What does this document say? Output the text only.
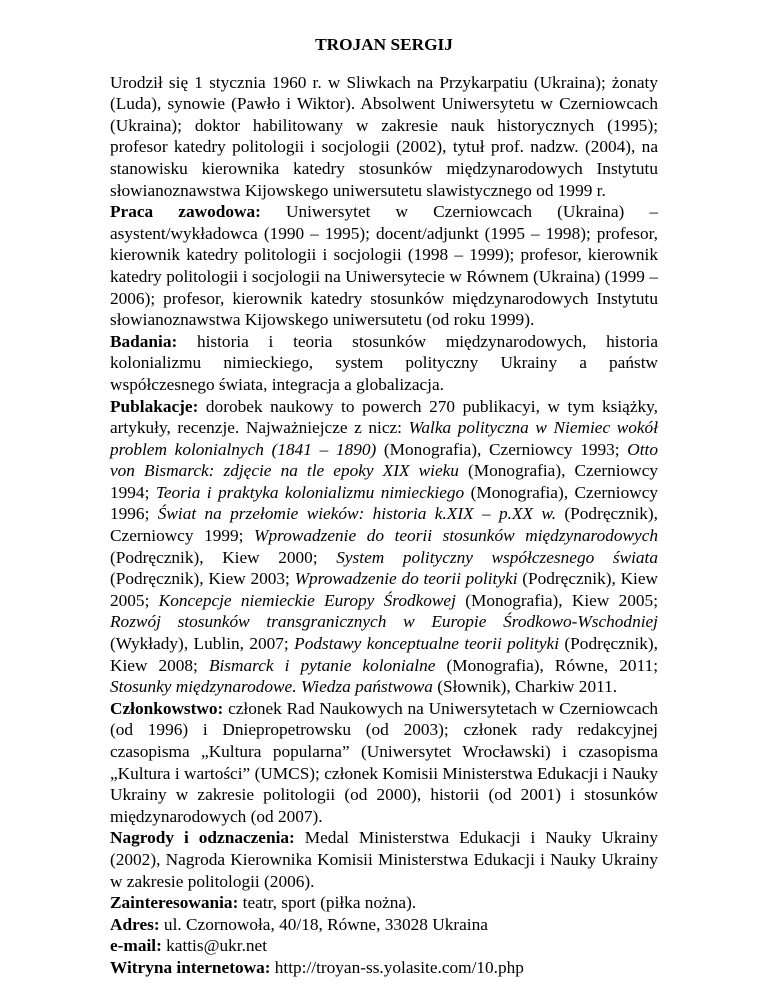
TROJAN SERGIJ

Urodził się 1 stycznia 1960 r. w Sliwkach na Przykarpatiu (Ukraina); żonaty (Luda), synowie (Pawło i Wiktor). Absolwent Uniwersytetu w Czerniowcach (Ukraina); doktor habilitowany w zakresie nauk historycznych (1995); profesor katedry politologii i socjologii (2002), tytuł prof. nadzw. (2004), na stanowisku kierownika katedry stosunków międzynarodowych Instytutu słowianoznawstwa Kijowskego uniwersutetu slawistycznego od 1999 r.

Praca zawodowa: Uniwersytet w Czerniowcach (Ukraina) – asystent/wykładowca (1990 – 1995); docent/adjunkt (1995 – 1998); profesor, kierownik katedry politologii i socjologii (1998 – 1999); profesor, kierownik katedry politologii i socjologii na Uniwersytecie w Równem (Ukraina) (1999 – 2006); profesor, kierownik katedry stosunków międzynarodowych Instytutu słowianoznawstwa Kijowskego uniwersutetu (od roku 1999).

Badania: historia i teoria stosunków międzynarodowych, historia kolonializmu nimieckiego, system polityczny Ukrainy a państw współczesnego świata, integracja a globalizacja.

Publakacje: dorobek naukowy to powerch 270 publikacyi, w tym książky, artykuły, recenzje. Najważniejcze z nicz: Walka polityczna w Niemiec wokół problem kolonialnych (1841 – 1890) (Monografia), Czerniowcy 1993; Otto von Bismarck: zdjęcie na tle epoky XIX wieku (Monografia), Czerniowcy 1994; Teoria i praktyka kolonializmu nimieckiego (Monografia), Czerniowcy 1996; Świat na przełomie wieków: historia k.XIX – p.XX w. (Podręcznik), Czerniowcy 1999; Wprowadzenie do teorii stosunków międzynarodowych (Podręcznik), Kiew 2000; System polityczny współczesnego świata (Podręcznik), Kiew 2003; Wprowadzenie do teorii polityki (Podręcznik), Kiew 2005; Koncepcje niemieckie Europy Środkowej (Monografia), Kiew 2005; Rozwój stosunków transgranicznych w Europie Środkowo-Wschodniej (Wykłady), Lublin, 2007; Podstawy konceptualne teorii polityki (Podręcznik), Kiew 2008; Bismarck i pytanie kolonialne (Monografia), Równe, 2011; Stosunky międzynarodowe. Wiedza państwowa (Słownik), Charkiw 2011.

Członkowstwo: członek Rad Naukowych na Uniwersytetach w Czerniowcach (od 1996) i Dniepropetrowsku (od 2003); członek rady redakcyjnej czasopisma „Kultura popularna” (Uniwersytet Wrocławski) i czasopisma „Kultura i wartości” (UMCS); członek Komisii Ministerstwa Edukacji i Nauky Ukrainy w zakresie politologii (od 2000), historii (od 2001) i stosunków międzynarodowych (od 2007).

Nagrody i odznaczenia: Medal Ministerstwa Edukacji i Nauky Ukrainy (2002), Nagroda Kierownika Komisii Ministerstwa Edukacji i Nauky Ukrainy w zakresie politologii (2006).

Zainteresowania: teatr, sport (piłka nożna).

Adres: ul. Czornowoła, 40/18, Równe, 33028 Ukraina

e-mail: kattis@ukr.net

Witryna internetowa: http://troyan-ss.yolasite.com/10.php
